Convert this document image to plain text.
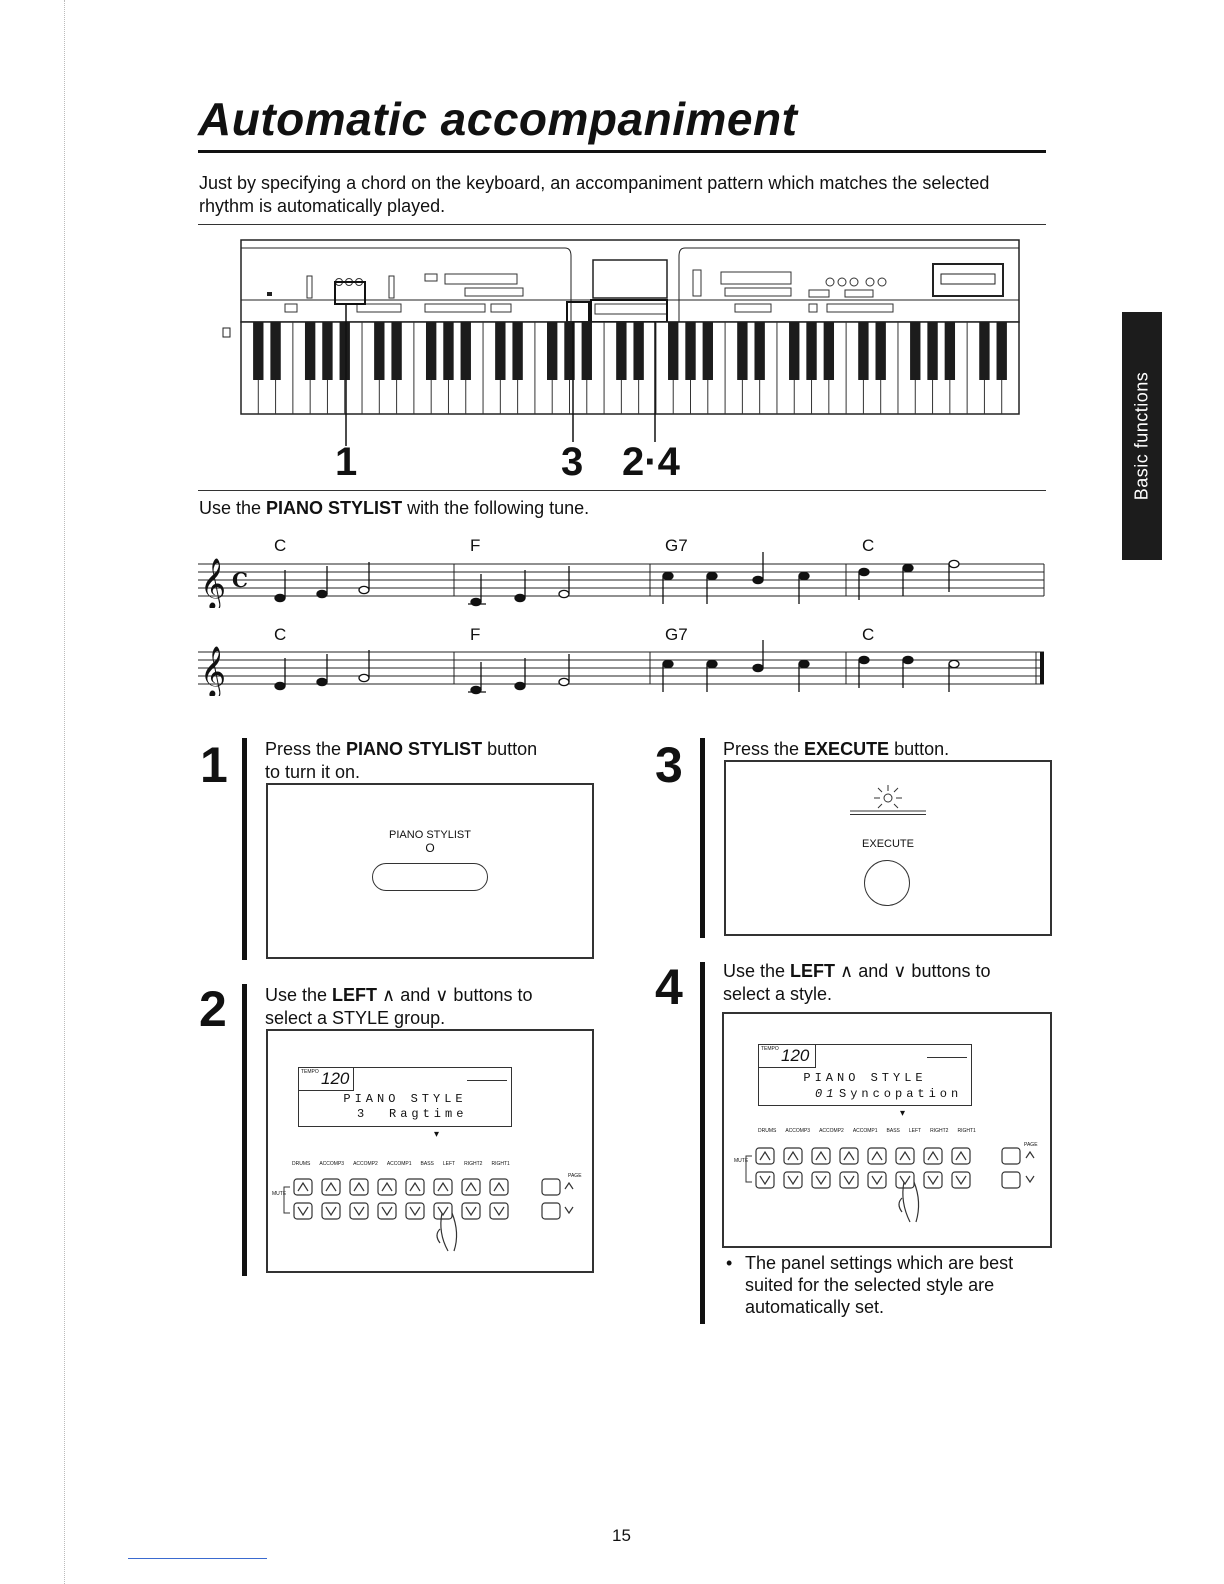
Automatic accompaniment
Just by specifying a chord on the keyboard, an accompaniment pattern which matches the selected rhythm is automatically played.
Basic functions
1	3 2·4
Use the PIANO STYLIST with the following tune.
C	F	G7	C
𝄞 C
C	F	G7	C
𝄞
1 Press the PIANO STYLIST button
to turn it on.
PIANO STYLIST
O
2 Use the LEFT ∧ and ∨ buttons to
select a STYLE group.
TEMPO 120
PIANO STYLE
3 Ragtime
▾
DRUMS ACCOMP3 ACCOMP2 ACCOMP1 BASS LEFT RIGHT2 RIGHT1
MUTE
PAGE
3 Press the EXECUTE button.
EXECUTE
4 Use the LEFT ∧ and ∨ buttons to
select a style.
TEMPO 120
PIANO STYLE
01 Syncopation
▾
DRUMS ACCOMP3 ACCOMP2 ACCOMP1 BASS LEFT RIGHT2 RIGHT1
MUTE
PAGE
• The panel settings which are best suited for the selected style are automatically set.
15
